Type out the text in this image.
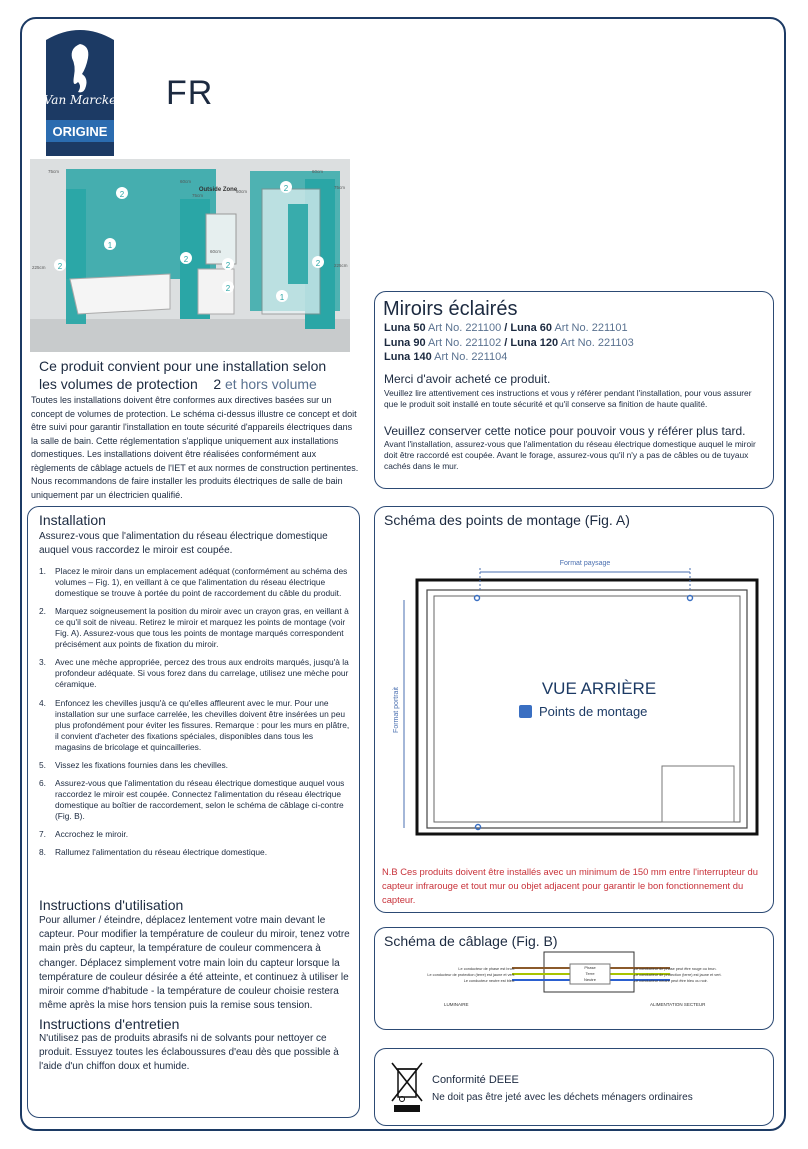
Van Marcke
ORIGINE
FR
1
2
2
2
2
2
2
1
2
Outside Zone
75cm
60cm
225cm
75cm
60cm
60cm
60cm
225cm
75cm
Ce produit convient pour une installation selon
les volumes de protection 2 et hors volume
Toutes les installations doivent être conformes aux directives basées sur un concept de volumes de protection. Le schéma ci-dessus illustre ce concept et doit être suivi pour garantir l'installation en toute sécurité d'appareils électriques dans la salle de bain. Cette réglementation s'applique uniquement aux installations domestiques. Les installations doivent être réalisées conformément aux règlements de câblage actuels de l'IET et aux normes de construction pertinentes. Nous recommandons de faire installer les produits électriques de salle de bain uniquement par un électricien qualifié.
Miroirs éclairés
Luna 50 Art No. 221100 / Luna 60 Art No. 221101
Luna 90 Art No. 221102 / Luna 120 Art No. 221103
Luna 140 Art No. 221104
Merci d'avoir acheté ce produit.
Veuillez lire attentivement ces instructions et vous y référer pendant l'installation, pour vous assurer que le produit soit installé en toute sécurité et qu'il conserve sa finition de haute qualité.
Veuillez conserver cette notice pour pouvoir vous y référer plus tard.
Avant l'installation, assurez-vous que l'alimentation du réseau électrique domestique auquel le miroir doit être raccordé est coupée. Avant le forage, assurez-vous qu'il n'y a pas de câbles ou de tuyaux cachés dans le mur.
Installation
Assurez-vous que l'alimentation du réseau électrique domestique auquel vous raccordez le miroir est coupée.
1. Placez le miroir dans un emplacement adéquat (conformément au schéma des volumes – Fig. 1), en veillant à ce que l'alimentation du réseau électrique domestique se trouve à portée du point de raccordement du câble du produit.
2. Marquez soigneusement la position du miroir avec un crayon gras, en veillant à ce qu'il soit de niveau. Retirez le miroir et marquez les points de montage (voir Fig. A). Assurez-vous que tous les points de montage marqués correspondent précisément aux points de fixation du miroir.
3. Avec une mèche appropriée, percez des trous aux endroits marqués, jusqu'à la profondeur adéquate. Si vous forez dans du carrelage, utilisez une mèche pour céramique.
4. Enfoncez les chevilles jusqu'à ce qu'elles affleurent avec le mur. Pour une installation sur une surface carrelée, les chevilles doivent être insérées un peu plus profondément pour éviter les fissures. Remarque : pour les murs en plâtre, il convient d'acheter des fixations spéciales, disponibles dans tous les magasins de bricolage et quincailleries.
5. Vissez les fixations fournies dans les chevilles.
6. Assurez-vous que l'alimentation du réseau électrique domestique auquel vous raccordez le miroir est coupée. Connectez l'alimentation du réseau électrique domestique au boîtier de raccordement, selon le schéma de câblage ci-contre (Fig. B).
7. Accrochez le miroir.
8. Rallumez l'alimentation du réseau électrique domestique.
Instructions d'utilisation
Pour allumer / éteindre, déplacez lentement votre main devant le capteur. Pour modifier la température de couleur du miroir, tenez votre main près du capteur, la température de couleur commencera à changer. Déplacez simplement votre main loin du capteur lorsque la température de couleur désirée a été atteinte, et continuez à utiliser le miroir comme d'habitude - la température de couleur choisie restera même après la mise hors tension puis la remise sous tension.
Instructions d'entretien
N'utilisez pas de produits abrasifs ni de solvants pour nettoyer ce produit. Essuyez toutes les éclaboussures d'eau dès que possible à l'aide d'un chiffon doux et humide.
Schéma des points de montage (Fig. A)
Format paysage
Format portrait	VUE ARRIÈRE
Points de montage
N.B Ces produits doivent être installés avec un minimum de 150 mm entre l'interrupteur du capteur infrarouge et tout mur ou objet adjacent pour garantir le bon fonctionnement du capteur.
Schéma de câblage (Fig. B)
Phase
Terre
Neutre
Le conducteur de phase est brun.
Le conducteur de protection (terre) est jaune et vert.
Le conducteur neutre est bleu.
Le conducteur de phase peut être rouge ou brun.
Le conducteur de protection (terre) est jaune et vert.
Le conducteur neutre peut être bleu ou noir.
LUMINAIRE	ALIMENTATION SECTEUR
Conformité DEEE
Ne doit pas être jeté avec les déchets ménagers ordinaires
